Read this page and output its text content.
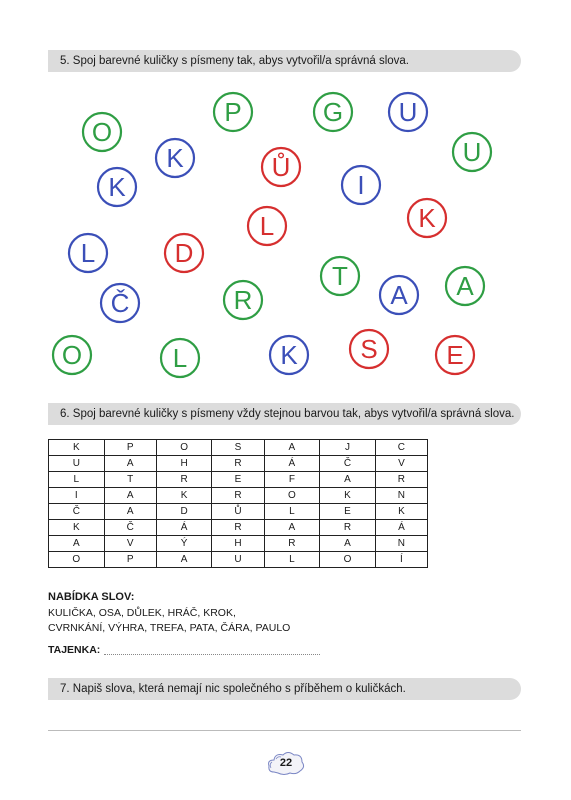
5. Spoj barevné kuličky s písmeny tak, abys vytvořil/a správná slova.
P	G U
O
U
K	Ů
K	I
K
L
L	D
T
A A
Č	R
O	L	K S	E
6. Spoj barevné kuličky s písmeny vždy stejnou barvou tak, abys vytvořil/a správná slova.
K	P	O	S	A	J	C
U	A	H	R	Á	Č	V
L	T	R	E	F	A	R
I	A	K	R	O	K	N
Č	A	D	Ů	L	E	K
K	Č	Á	R	A	R	Á
A	V	Ý	H	R	A	N
O	P	A	U	L	O	Í
NABÍDKA SLOV:
KULIČKA, OSA, DŮLEK, HRÁČ, KROK,
CVRNKÁNÍ, VÝHRA, TREFA, PATA, ČÁRA, PAULO
TAJENKA:
7. Napiš slova, která nemají nic společného s příběhem o kuličkách.
22
